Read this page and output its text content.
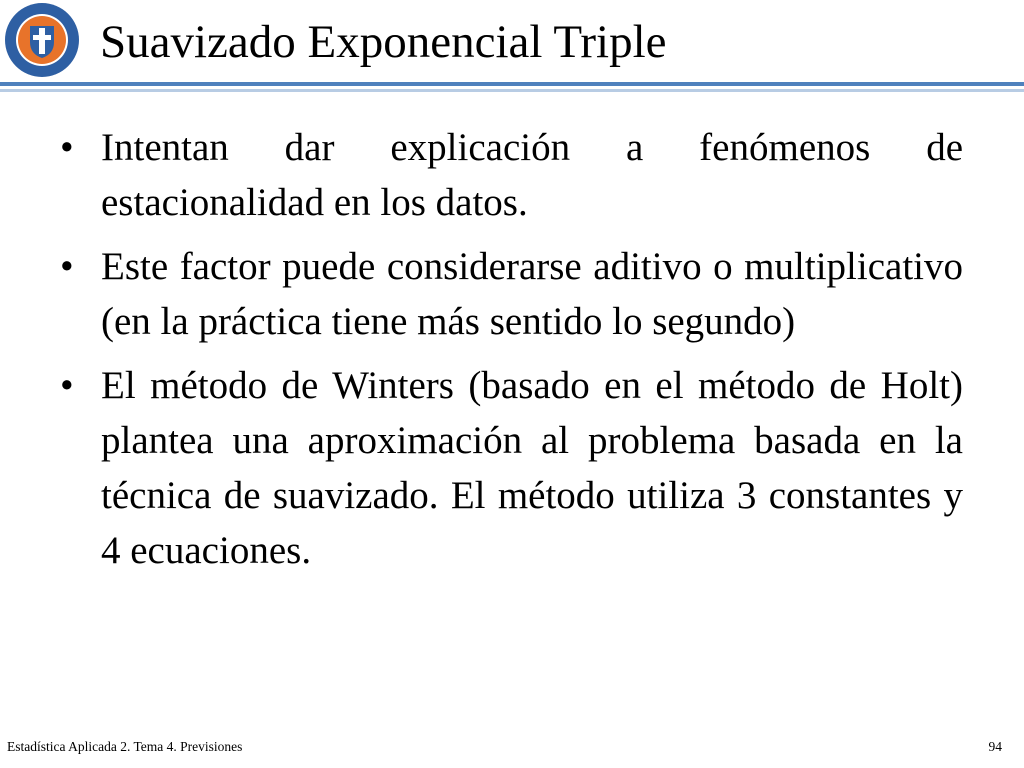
Suavizado Exponencial Triple
• Intentan dar explicación a fenómenos de estacionalidad en los datos.
• Este factor puede considerarse aditivo o multiplicativo (en la práctica tiene más sentido lo segundo)
• El método de Winters (basado en el método de Holt) plantea una aproximación al problema basada en la técnica de suavizado. El método utiliza 3 constantes y 4 ecuaciones.
Estadística Aplicada 2. Tema 4. Previsiones	94
